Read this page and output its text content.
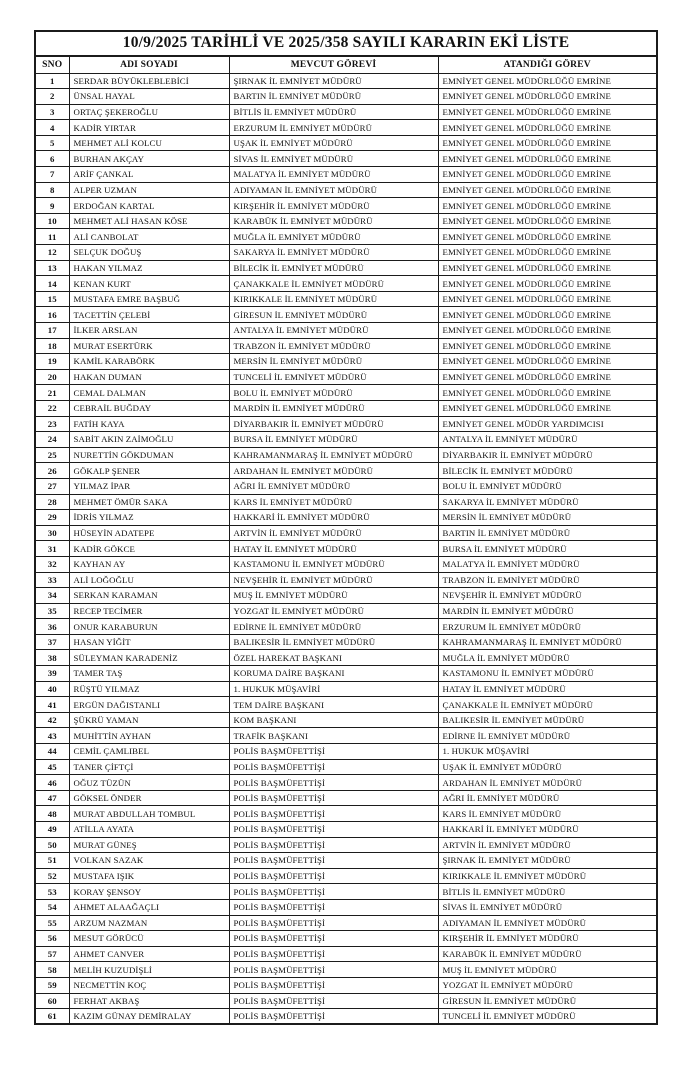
10/9/2025 TARİHLİ VE 2025/358 SAYILI KARARIN EKİ LİSTE
SNO	ADI SOYADI	MEVCUT GÖREVİ	ATANDIĞI GÖREV
1	SERDAR BÜYÜKLEBLEBİCİ	ŞIRNAK İL EMNİYET MÜDÜRÜ	EMNİYET GENEL MÜDÜRLÜĞÜ EMRİNE
2	ÜNSAL HAYAL	BARTIN İL EMNİYET MÜDÜRÜ	EMNİYET GENEL MÜDÜRLÜĞÜ EMRİNE
3	ORTAÇ ŞEKEROĞLU	BİTLİS İL EMNİYET MÜDÜRÜ	EMNİYET GENEL MÜDÜRLÜĞÜ EMRİNE
4	KADİR YIRTAR	ERZURUM İL EMNİYET MÜDÜRÜ	EMNİYET GENEL MÜDÜRLÜĞÜ EMRİNE
5	MEHMET ALİ KOLCU	UŞAK İL EMNİYET MÜDÜRÜ	EMNİYET GENEL MÜDÜRLÜĞÜ EMRİNE
6	BURHAN AKÇAY	SİVAS İL EMNİYET MÜDÜRÜ	EMNİYET GENEL MÜDÜRLÜĞÜ EMRİNE
7	ARİF ÇANKAL	MALATYA İL EMNİYET MÜDÜRÜ	EMNİYET GENEL MÜDÜRLÜĞÜ EMRİNE
8	ALPER UZMAN	ADIYAMAN İL EMNİYET MÜDÜRÜ	EMNİYET GENEL MÜDÜRLÜĞÜ EMRİNE
9	ERDOĞAN KARTAL	KIRŞEHİR İL EMNİYET MÜDÜRÜ	EMNİYET GENEL MÜDÜRLÜĞÜ EMRİNE
10	MEHMET ALİ HASAN KÖSE	KARABÜK İL EMNİYET MÜDÜRÜ	EMNİYET GENEL MÜDÜRLÜĞÜ EMRİNE
11	ALİ CANBOLAT	MUĞLA İL EMNİYET MÜDÜRÜ	EMNİYET GENEL MÜDÜRLÜĞÜ EMRİNE
12	SELÇUK DOĞUŞ	SAKARYA İL EMNİYET MÜDÜRÜ	EMNİYET GENEL MÜDÜRLÜĞÜ EMRİNE
13	HAKAN YILMAZ	BİLECİK İL EMNİYET MÜDÜRÜ	EMNİYET GENEL MÜDÜRLÜĞÜ EMRİNE
14	KENAN KURT	ÇANAKKALE İL EMNİYET MÜDÜRÜ	EMNİYET GENEL MÜDÜRLÜĞÜ EMRİNE
15	MUSTAFA EMRE BAŞBUĞ	KIRIKKALE İL EMNİYET MÜDÜRÜ	EMNİYET GENEL MÜDÜRLÜĞÜ EMRİNE
16	TACETTİN ÇELEBİ	GİRESUN İL EMNİYET MÜDÜRÜ	EMNİYET GENEL MÜDÜRLÜĞÜ EMRİNE
17	İLKER ARSLAN	ANTALYA İL EMNİYET MÜDÜRÜ	EMNİYET GENEL MÜDÜRLÜĞÜ EMRİNE
18	MURAT ESERTÜRK	TRABZON İL EMNİYET MÜDÜRÜ	EMNİYET GENEL MÜDÜRLÜĞÜ EMRİNE
19	KAMİL KARABÖRK	MERSİN İL EMNİYET MÜDÜRÜ	EMNİYET GENEL MÜDÜRLÜĞÜ EMRİNE
20	HAKAN DUMAN	TUNCELİ İL EMNİYET MÜDÜRÜ	EMNİYET GENEL MÜDÜRLÜĞÜ EMRİNE
21	CEMAL DALMAN	BOLU İL EMNİYET MÜDÜRÜ	EMNİYET GENEL MÜDÜRLÜĞÜ EMRİNE
22	CEBRAİL BUĞDAY	MARDİN İL EMNİYET MÜDÜRÜ	EMNİYET GENEL MÜDÜRLÜĞÜ EMRİNE
23	FATİH KAYA	DİYARBAKIR İL EMNİYET MÜDÜRÜ	EMNİYET GENEL MÜDÜR YARDIMCISI
24	SABİT AKIN ZAİMOĞLU	BURSA İL EMNİYET MÜDÜRÜ	ANTALYA İL EMNİYET MÜDÜRÜ
25	NURETTİN GÖKDUMAN	KAHRAMANMARAŞ İL EMNİYET MÜDÜRÜ	DİYARBAKIR İL EMNİYET MÜDÜRÜ
26	GÖKALP ŞENER	ARDAHAN İL EMNİYET MÜDÜRÜ	BİLECİK İL EMNİYET MÜDÜRÜ
27	YILMAZ İPAR	AĞRI İL EMNİYET MÜDÜRÜ	BOLU İL EMNİYET MÜDÜRÜ
28	MEHMET ÖMÜR SAKA	KARS İL EMNİYET MÜDÜRÜ	SAKARYA İL EMNİYET MÜDÜRÜ
29	İDRİS YILMAZ	HAKKARİ İL EMNİYET MÜDÜRÜ	MERSİN İL EMNİYET MÜDÜRÜ
30	HÜSEYİN ADATEPE	ARTVİN İL EMNİYET MÜDÜRÜ	BARTIN İL EMNİYET MÜDÜRÜ
31	KADİR GÖKCE	HATAY İL EMNİYET MÜDÜRÜ	BURSA İL EMNİYET MÜDÜRÜ
32	KAYHAN AY	KASTAMONU İL EMNİYET MÜDÜRÜ	MALATYA İL EMNİYET MÜDÜRÜ
33	ALİ LOĞOĞLU	NEVŞEHİR İL EMNİYET MÜDÜRÜ	TRABZON İL EMNİYET MÜDÜRÜ
34	SERKAN KARAMAN	MUŞ İL EMNİYET MÜDÜRÜ	NEVŞEHİR İL EMNİYET MÜDÜRÜ
35	RECEP TECİMER	YOZGAT İL EMNİYET MÜDÜRÜ	MARDİN İL EMNİYET MÜDÜRÜ
36	ONUR KARABURUN	EDİRNE İL EMNİYET MÜDÜRÜ	ERZURUM İL EMNİYET MÜDÜRÜ
37	HASAN YİĞİT	BALIKESİR İL EMNİYET MÜDÜRÜ	KAHRAMANMARAŞ İL EMNİYET MÜDÜRÜ
38	SÜLEYMAN KARADENİZ	ÖZEL HAREKAT BAŞKANI	MUĞLA İL EMNİYET MÜDÜRÜ
39	TAMER TAŞ	KORUMA DAİRE BAŞKANI	KASTAMONU İL EMNİYET MÜDÜRÜ
40	RÜŞTÜ YILMAZ	1. HUKUK MÜŞAVİRİ	HATAY İL EMNİYET MÜDÜRÜ
41	ERGÜN DAĞISTANLI	TEM DAİRE BAŞKANI	ÇANAKKALE İL EMNİYET MÜDÜRÜ
42	ŞÜKRÜ YAMAN	KOM BAŞKANI	BALIKESİR İL EMNİYET MÜDÜRÜ
43	MUHİTTİN AYHAN	TRAFİK BAŞKANI	EDİRNE İL EMNİYET MÜDÜRÜ
44	CEMİL ÇAMLIBEL	POLİS BAŞMÜFETTİŞİ	1. HUKUK MÜŞAVİRİ
45	TANER ÇİFTÇİ	POLİS BAŞMÜFETTİŞİ	UŞAK İL EMNİYET MÜDÜRÜ
46	OĞUZ TÜZÜN	POLİS BAŞMÜFETTİŞİ	ARDAHAN İL EMNİYET MÜDÜRÜ
47	GÖKSEL ÖNDER	POLİS BAŞMÜFETTİŞİ	AĞRI İL EMNİYET MÜDÜRÜ
48	MURAT ABDULLAH TOMBUL	POLİS BAŞMÜFETTİŞİ	KARS İL EMNİYET MÜDÜRÜ
49	ATİLLA AYATA	POLİS BAŞMÜFETTİŞİ	HAKKARİ İL EMNİYET MÜDÜRÜ
50	MURAT GÜNEŞ	POLİS BAŞMÜFETTİŞİ	ARTVİN İL EMNİYET MÜDÜRÜ
51	VOLKAN SAZAK	POLİS BAŞMÜFETTİŞİ	ŞIRNAK İL EMNİYET MÜDÜRÜ
52	MUSTAFA IŞIK	POLİS BAŞMÜFETTİŞİ	KIRIKKALE İL EMNİYET MÜDÜRÜ
53	KORAY ŞENSOY	POLİS BAŞMÜFETTİŞİ	BİTLİS İL EMNİYET MÜDÜRÜ
54	AHMET ALAAĞAÇLI	POLİS BAŞMÜFETTİŞİ	SİVAS İL EMNİYET MÜDÜRÜ
55	ARZUM NAZMAN	POLİS BAŞMÜFETTİŞİ	ADIYAMAN İL EMNİYET MÜDÜRÜ
56	MESUT GÖRÜCÜ	POLİS BAŞMÜFETTİŞİ	KIRŞEHİR İL EMNİYET MÜDÜRÜ
57	AHMET CANVER	POLİS BAŞMÜFETTİŞİ	KARABÜK İL EMNİYET MÜDÜRÜ
58	MELİH KUZUDİŞLİ	POLİS BAŞMÜFETTİŞİ	MUŞ İL EMNİYET MÜDÜRÜ
59	NECMETTİN KOÇ	POLİS BAŞMÜFETTİŞİ	YOZGAT İL EMNİYET MÜDÜRÜ
60	FERHAT AKBAŞ	POLİS BAŞMÜFETTİŞİ	GİRESUN İL EMNİYET MÜDÜRÜ
61	KAZIM GÜNAY DEMİRALAY	POLİS BAŞMÜFETTİŞİ	TUNCELİ İL EMNİYET MÜDÜRÜ
